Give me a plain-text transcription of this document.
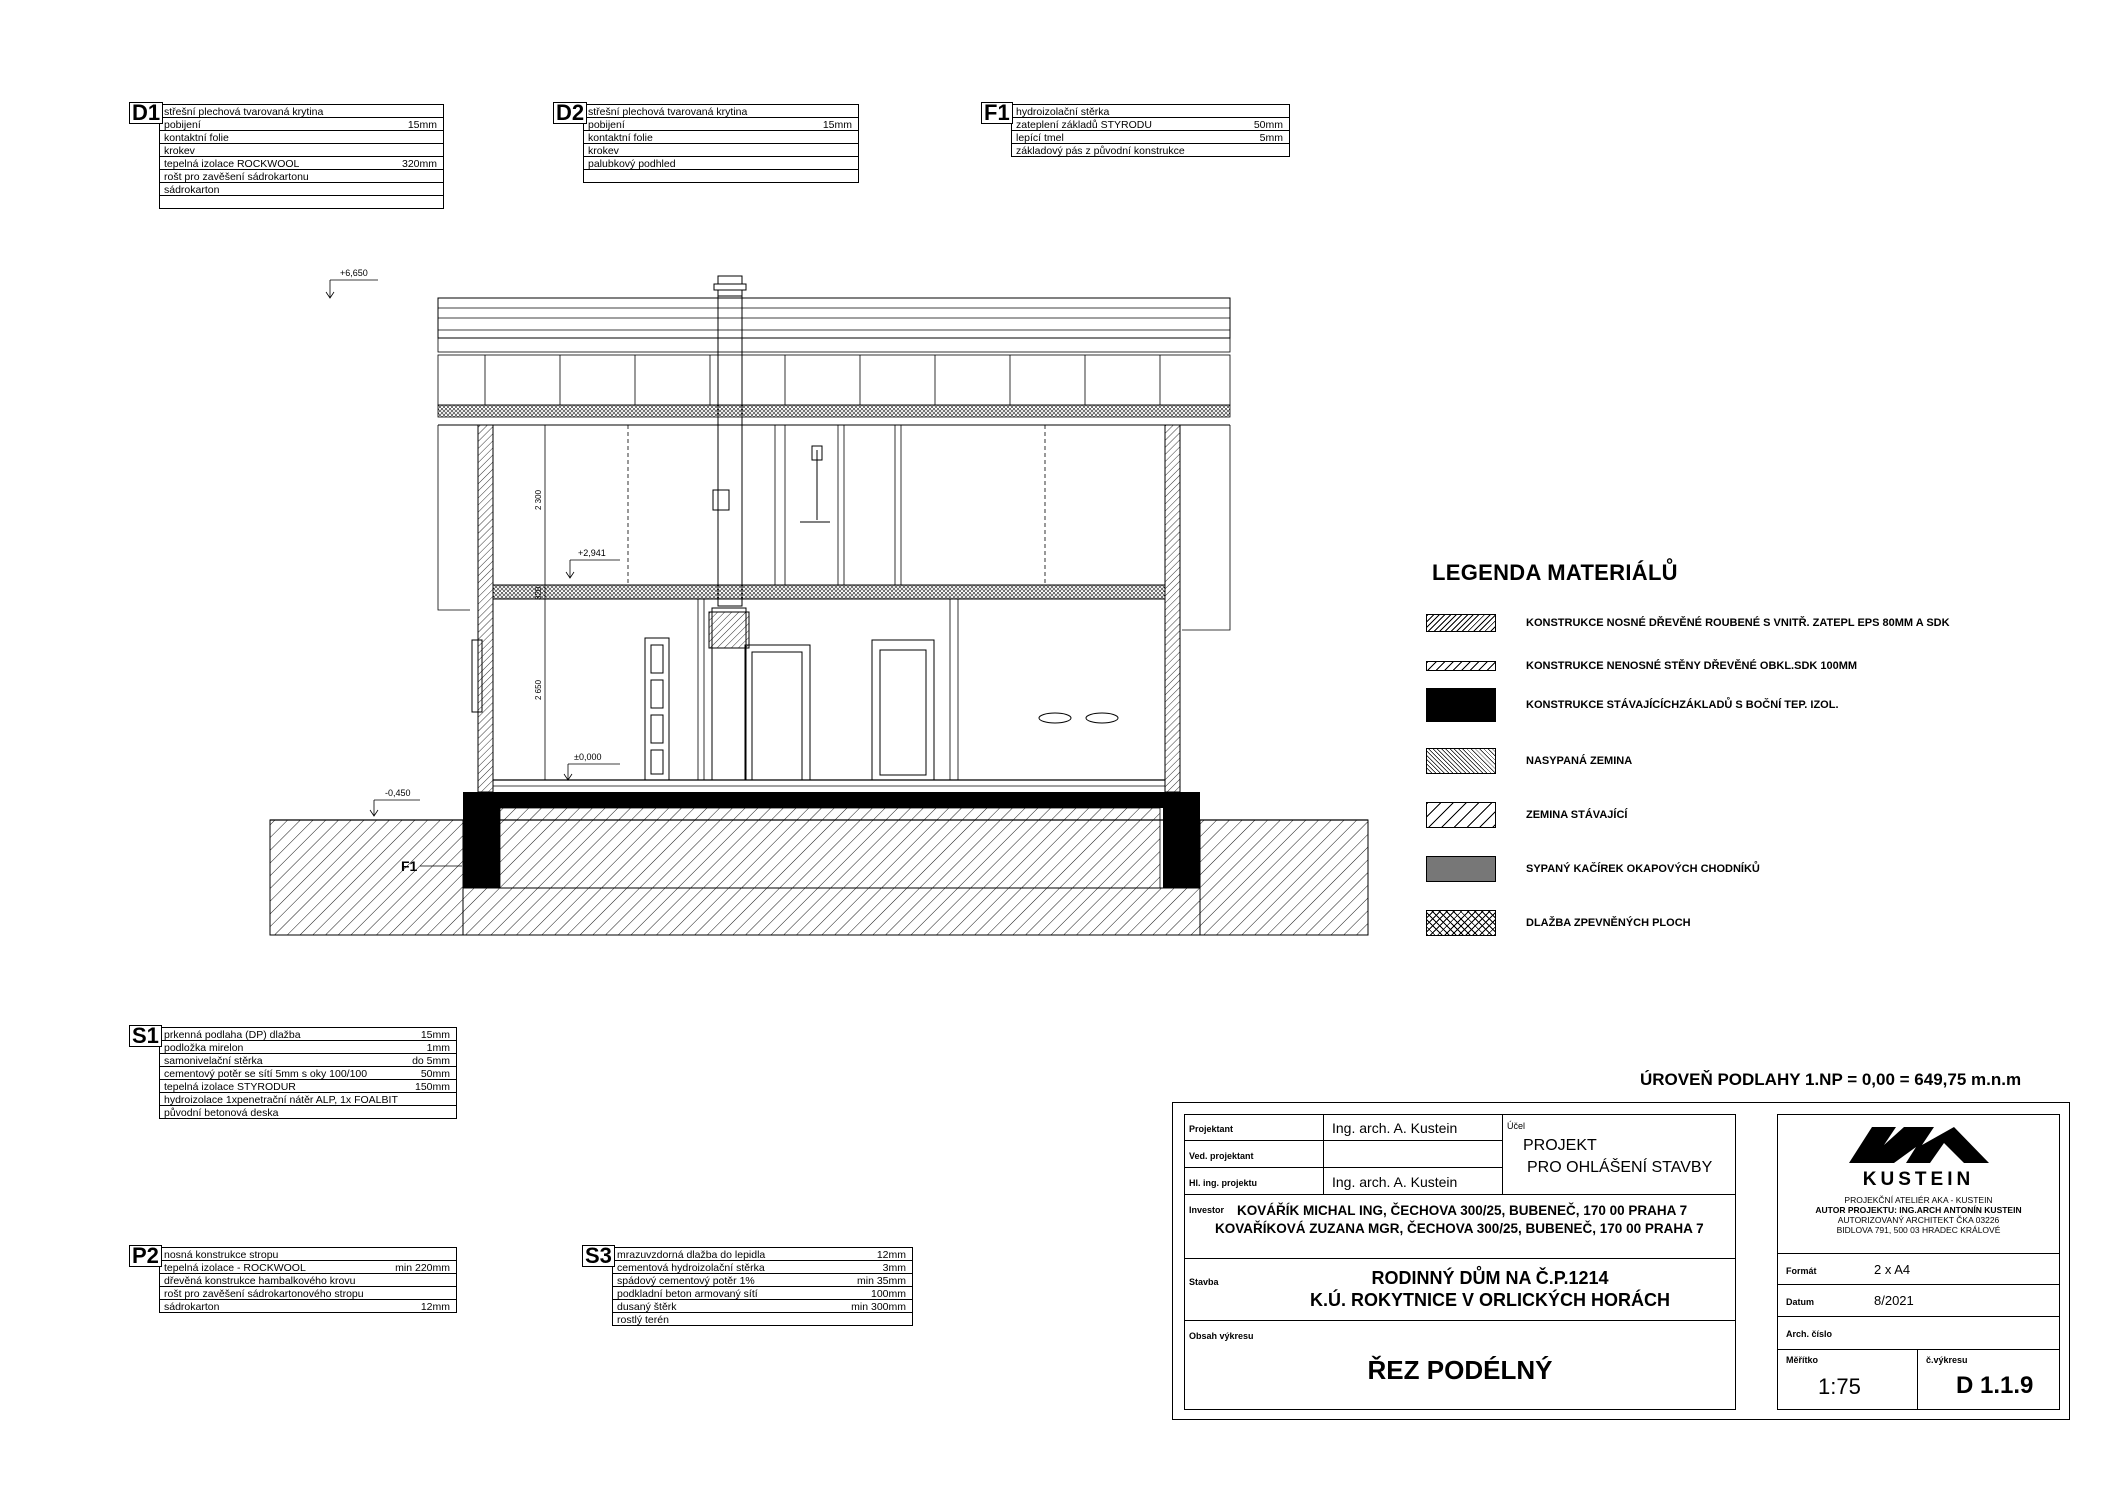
D1 střešní plechová tvarovaná krytina
pobijení	15mm
kontaktní folie
krokev
tepelná izolace ROCKWOOL	320mm
rošt pro zavěšení sádrokartonu
sádrokarton
D2 střešní plechová tvarovaná krytina
pobijení	15mm
kontaktní folie
krokev
palubkový podhled
F1 hydroizolační stěrka
zateplení základů STYRODU	50mm
lepící tmel	5mm
základový pás z původní konstrukce
S1 prkenná podlaha (DP) dlažba	15mm
podložka mirelon	1mm
samonivelační stěrka	do 5mm
cementový potěr se sítí 5mm s oky 100/100	50mm
tepelná izolace STYRODUR	150mm
hydroizolace 1xpenetrační nátěr ALP, 1x FOALBIT
původní betonová deska
P2 nosná konstrukce stropu
tepelná izolace - ROCKWOOL	min 220mm
dřevěná konstrukce hambalkového krovu
rošt pro zavěšení sádrokartonového stropu
sádrokarton	12mm
S3 mrazuvzdorná dlažba do lepidla	12mm
cementová hydroizolační stěrka	3mm
spádový cementový potěr 1%	min 35mm
podkladní beton armovaný sítí	100mm
dusaný štěrk	min 300mm
rostlý terén
+6,650
+2,941
±0,000
-0,450
2 300
320
2 650
F1
LEGENDA MATERIÁLŮ
KONSTRUKCE NOSNÉ DŘEVĚNÉ ROUBENÉ S VNITŘ. ZATEPL EPS 80MM A SDK
KONSTRUKCE NENOSNÉ STĚNY DŘEVĚNÉ OBKL.SDK 100MM
KONSTRUKCE STÁVAJÍCÍCHZÁKLADŮ S BOČNÍ TEP. IZOL.
NASYPANÁ ZEMINA
ZEMINA STÁVAJÍCÍ
SYPANÝ KAČÍREK OKAPOVÝCH CHODNÍKŮ
DLAŽBA ZPEVNĚNÝCH PLOCH
ÚROVEŇ PODLAHY 1.NP = 0,00 = 649,75 m.n.m
Projektant	Ing. arch. A. Kustein
Ved. projektant
Hl. ing. projektu	Ing. arch. A. Kustein
Účel
PROJEKT
PRO OHLÁŠENÍ STAVBY
Investor KOVÁŘÍK MICHAL ING, ČECHOVA 300/25, BUBENEČ, 170 00 PRAHA 7
KOVAŘÍKOVÁ ZUZANA MGR, ČECHOVA 300/25, BUBENEČ, 170 00 PRAHA 7
Stavba	RODINNÝ DŮM NA Č.P.1214
K.Ú. ROKYTNICE V ORLICKÝCH HORÁCH
Obsah výkresu
ŘEZ PODÉLNÝ
KUSTEIN
PROJEKČNÍ ATELIÉR AKA - KUSTEIN
AUTOR PROJEKTU: ING.ARCH ANTONÍN KUSTEIN
AUTORIZOVANÝ ARCHITEKT ČKA 03226
BIDLOVA 791, 500 03 HRADEC KRÁLOVÉ
Formát	2 x A4
Datum	8/2021
Arch. číslo
Měřítko
1:75
č.výkresu
D 1.1.9
